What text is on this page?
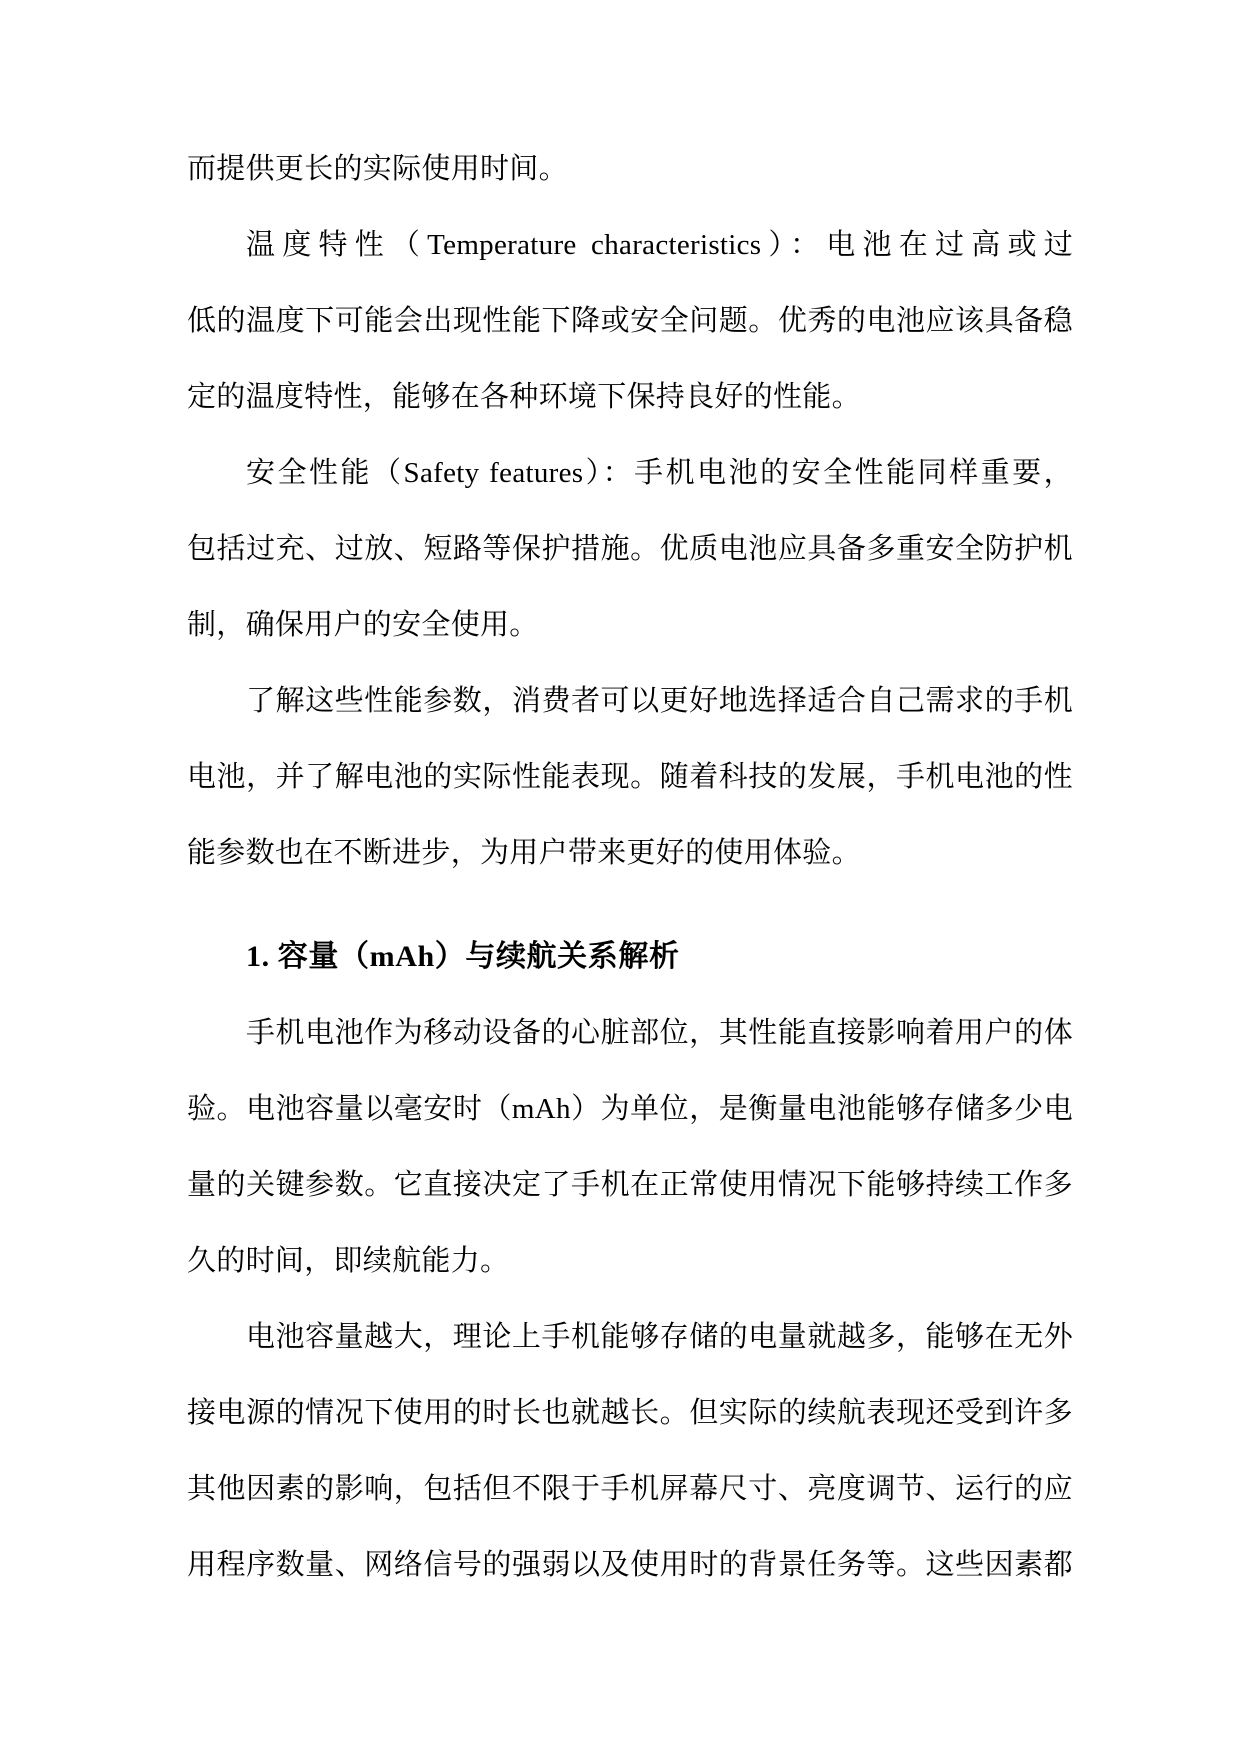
而提供更长的实际使用时间。
温度特性（Temperature characteristics）：电池在过高或过
低的温度下可能会出现性能下降或安全问题。优秀的电池应该具备稳
定的温度特性，能够在各种环境下保持良好的性能。
安全性能（Safety features）：手机电池的安全性能同样重要，
包括过充、过放、短路等保护措施。优质电池应具备多重安全防护机
制，确保用户的安全使用。
了解这些性能参数，消费者可以更好地选择适合自己需求的手机
电池，并了解电池的实际性能表现。随着科技的发展，手机电池的性
能参数也在不断进步，为用户带来更好的使用体验。
1. 容量（mAh）与续航关系解析
手机电池作为移动设备的心脏部位，其性能直接影响着用户的体
验。电池容量以毫安时（mAh）为单位，是衡量电池能够存储多少电
量的关键参数。它直接决定了手机在正常使用情况下能够持续工作多
久的时间，即续航能力。
电池容量越大，理论上手机能够存储的电量就越多，能够在无外
接电源的情况下使用的时长也就越长。但实际的续航表现还受到许多
其他因素的影响，包括但不限于手机屏幕尺寸、亮度调节、运行的应
用程序数量、网络信号的强弱以及使用时的背景任务等。这些因素都
